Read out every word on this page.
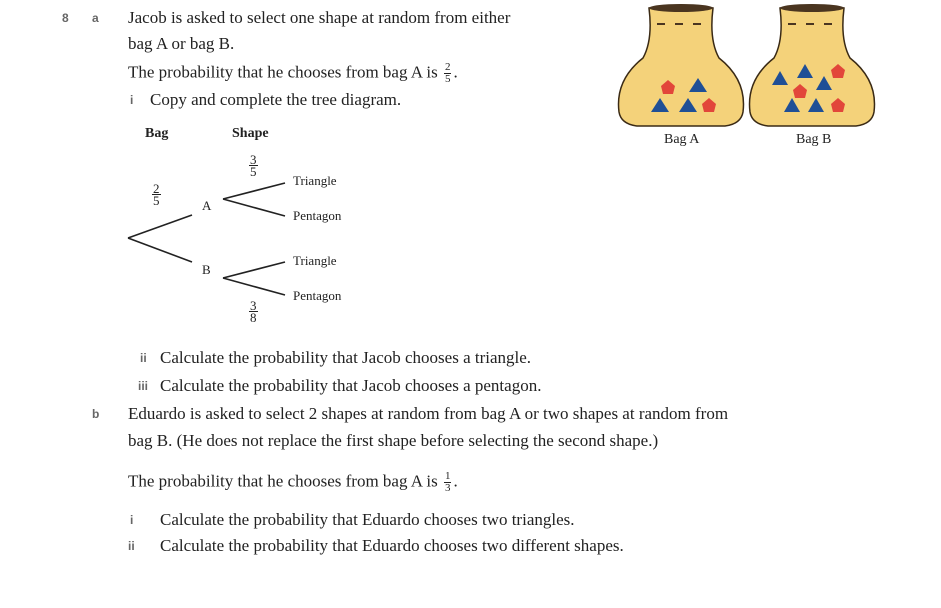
8 a Jacob is asked to select one shape at random from either
bag A or bag B.
The probability that he chooses from bag A is $\frac{2}{5}$ .
i Copy and complete the tree diagram.
Bag	Shape
$\frac{2}{5}$
$\frac{3}{5}$
$\frac{3}{8}$
A
B
Triangle
Pentagon
Triangle
Pentagon
Bag A	Bag B
ii Calculate the probability that Jacob chooses a triangle.
iii Calculate the probability that Jacob chooses a pentagon.
b Eduardo is asked to select 2 shapes at random from bag A or two shapes at random from
bag B. (He does not replace the first shape before selecting the second shape.)
The probability that he chooses from bag A is $\frac{1}{3}$ .
i Calculate the probability that Eduardo chooses two triangles.
ii Calculate the probability that Eduardo chooses two different shapes.
